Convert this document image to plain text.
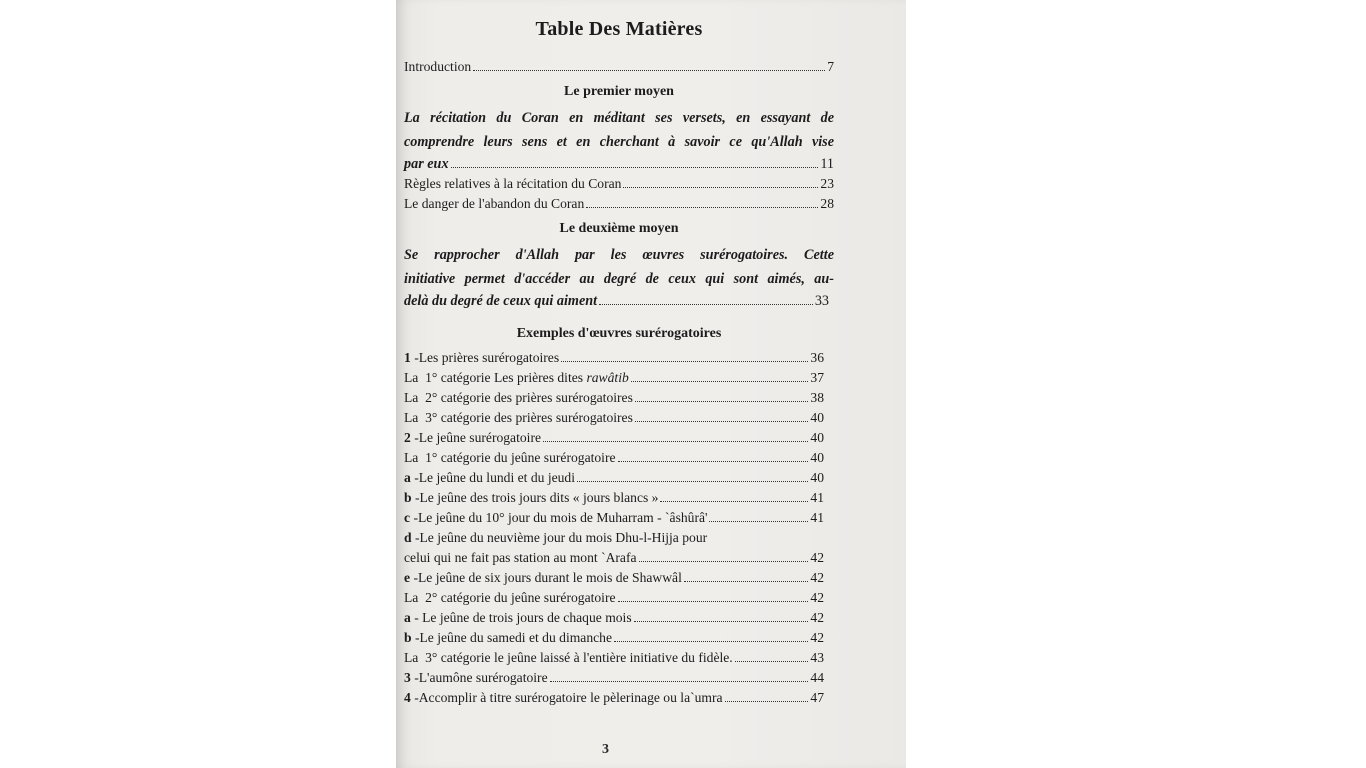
Table Des Matières
Introduction	7
Le premier moyen
La récitation du Coran en méditant ses versets, en essayant de
comprendre leurs sens et en cherchant à savoir ce qu'Allah vise
par eux	11
Règles relatives à la récitation du Coran	23
Le danger de l'abandon du Coran	28
Le deuxième moyen
Se rapprocher d'Allah par les œuvres surérogatoires. Cette
initiative permet d'accéder au degré de ceux qui sont aimés, au-
delà du degré de ceux qui aiment	33
Exemples d'œuvres surérogatoires
1 -Les prières surérogatoires	36
La  1° catégorie Les prières dites rawâtib	37
La  2° catégorie des prières surérogatoires	38
La  3° catégorie des prières surérogatoires	40
2 -Le jeûne surérogatoire	40
La  1° catégorie du jeûne surérogatoire	40
a -Le jeûne du lundi et du jeudi	40
b -Le jeûne des trois jours dits « jours blancs »	41
c -Le jeûne du 10° jour du mois de Muharram - `âshûrâ'	41
d -Le jeûne du neuvième jour du mois Dhu-l-Hijja pour
celui qui ne fait pas station au mont `Arafa	42
e -Le jeûne de six jours durant le mois de Shawwâl	42
La  2° catégorie du jeûne surérogatoire	42
a - Le jeûne de trois jours de chaque mois	42
b -Le jeûne du samedi et du dimanche	42
La  3° catégorie le jeûne laissé à l'entière initiative du fidèle.	43
3 -L'aumône surérogatoire	44
4 -Accomplir à titre surérogatoire le pèlerinage ou la`umra	47
3
